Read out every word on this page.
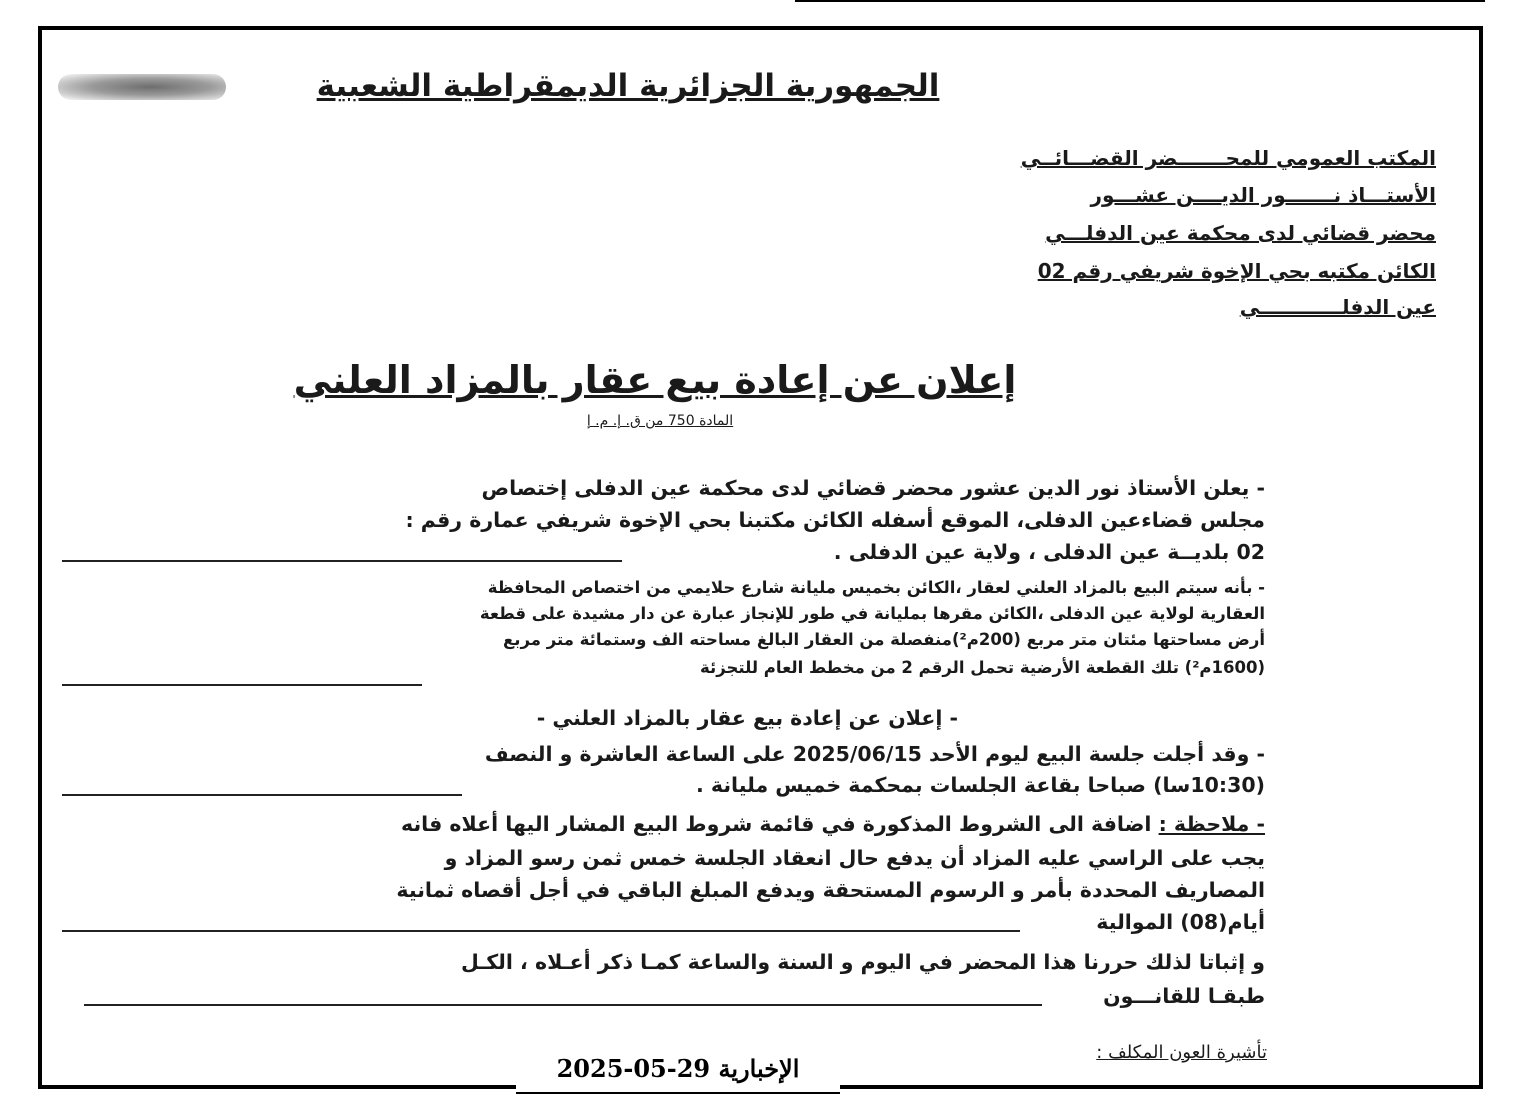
الجمهورية الجزائرية الديمقراطية الشعبية
المكتب العمومي للمحـــــــضر القضـــائــي
الأستـــاذ نـــــــور الديــــن عشـــور
محضر قضائي لدى محكمة عين الدفلـــي
الكائن مكتبه بحي الإخوة شريفي رقم 02
عين الدفلــــــــــــي
إعلان عن إعادة بيع عقار بالمزاد العلني
المادة 750 من ق. إ. م. إ
- يعلن الأستاذ نور الدين عشور محضر قضائي لدى محكمة عين الدفلى إختصاص
مجلس قضاءعين الدفلى، الموقع أسفله الكائن مكتبنا بحي الإخوة شريفي عمارة رقم :
02 بلديــة عين الدفلى ، ولاية عين الدفلى .
- بأنه سيتم البيع بالمزاد العلني لعقار ،الكائن بخميس مليانة شارع حلايمي من اختصاص المحافظة
العقارية لولاية عين الدفلى ،الكائن مقرها بمليانة في طور للإنجاز عبارة عن دار مشيدة على قطعة
أرض مساحتها مئتان متر مربع (200م²)منفصلة من العقار البالغ مساحته الف وستمائة متر مربع
(1600م²) تلك القطعة الأرضية تحمل الرقم 2 من مخطط العام للتجزئة
- إعلان عن إعادة بيع عقار بالمزاد العلني -
- وقد أجلت جلسة البيع ليوم الأحد 2025/06/15 على الساعة العاشرة و النصف
(10:30سا) صباحا بقاعة الجلسات بمحكمة خميس مليانة .
- ملاحظة : اضافة الى الشروط المذكورة في قائمة شروط البيع المشار اليها أعلاه فانه
يجب على الراسي عليه المزاد أن يدفع حال انعقاد الجلسة خمس ثمن رسو المزاد و
المصاريف المحددة بأمر و الرسوم المستحقة ويدفع المبلغ الباقي في أجل أقصاه ثمانية
أيام(08) الموالية
و إثباتا لذلك حررنا هذا المحضر في اليوم و السنة والساعة كمـا ذكر أعـلاه ، الكـل
طبقـا للقانـــون
تأشيرة العون المكلف :
الإخبارية 29-05-2025
